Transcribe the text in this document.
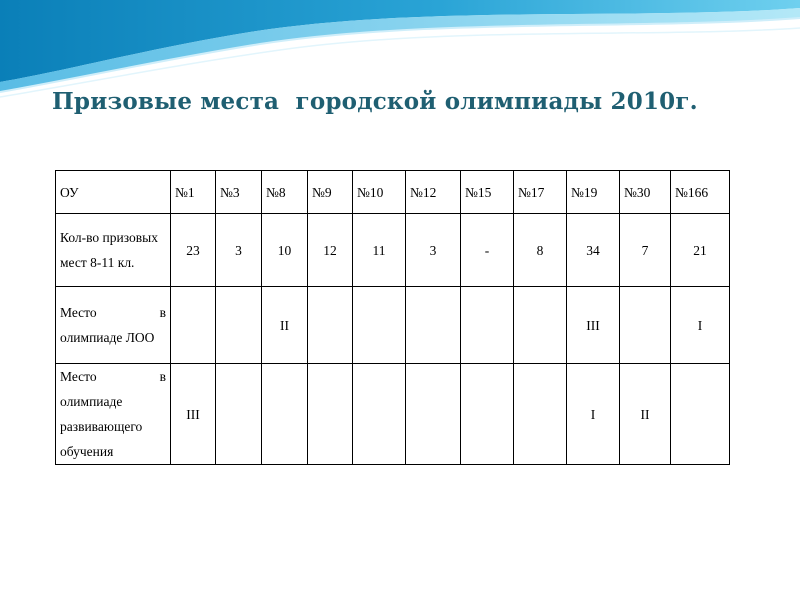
Призовые места  городской олимпиады 2010г.
ОУ	№1	№3	№8	№9	№10	№12	№15	№17	№19	№30	№166
Кол-во призовых мест 8-11 кл.	23	3	10	12	11	3	-	8	34	7	21
Место в олимпиаде ЛОО			II						III		I
Место в олимпиаде развивающего обучения	III								I	II	
